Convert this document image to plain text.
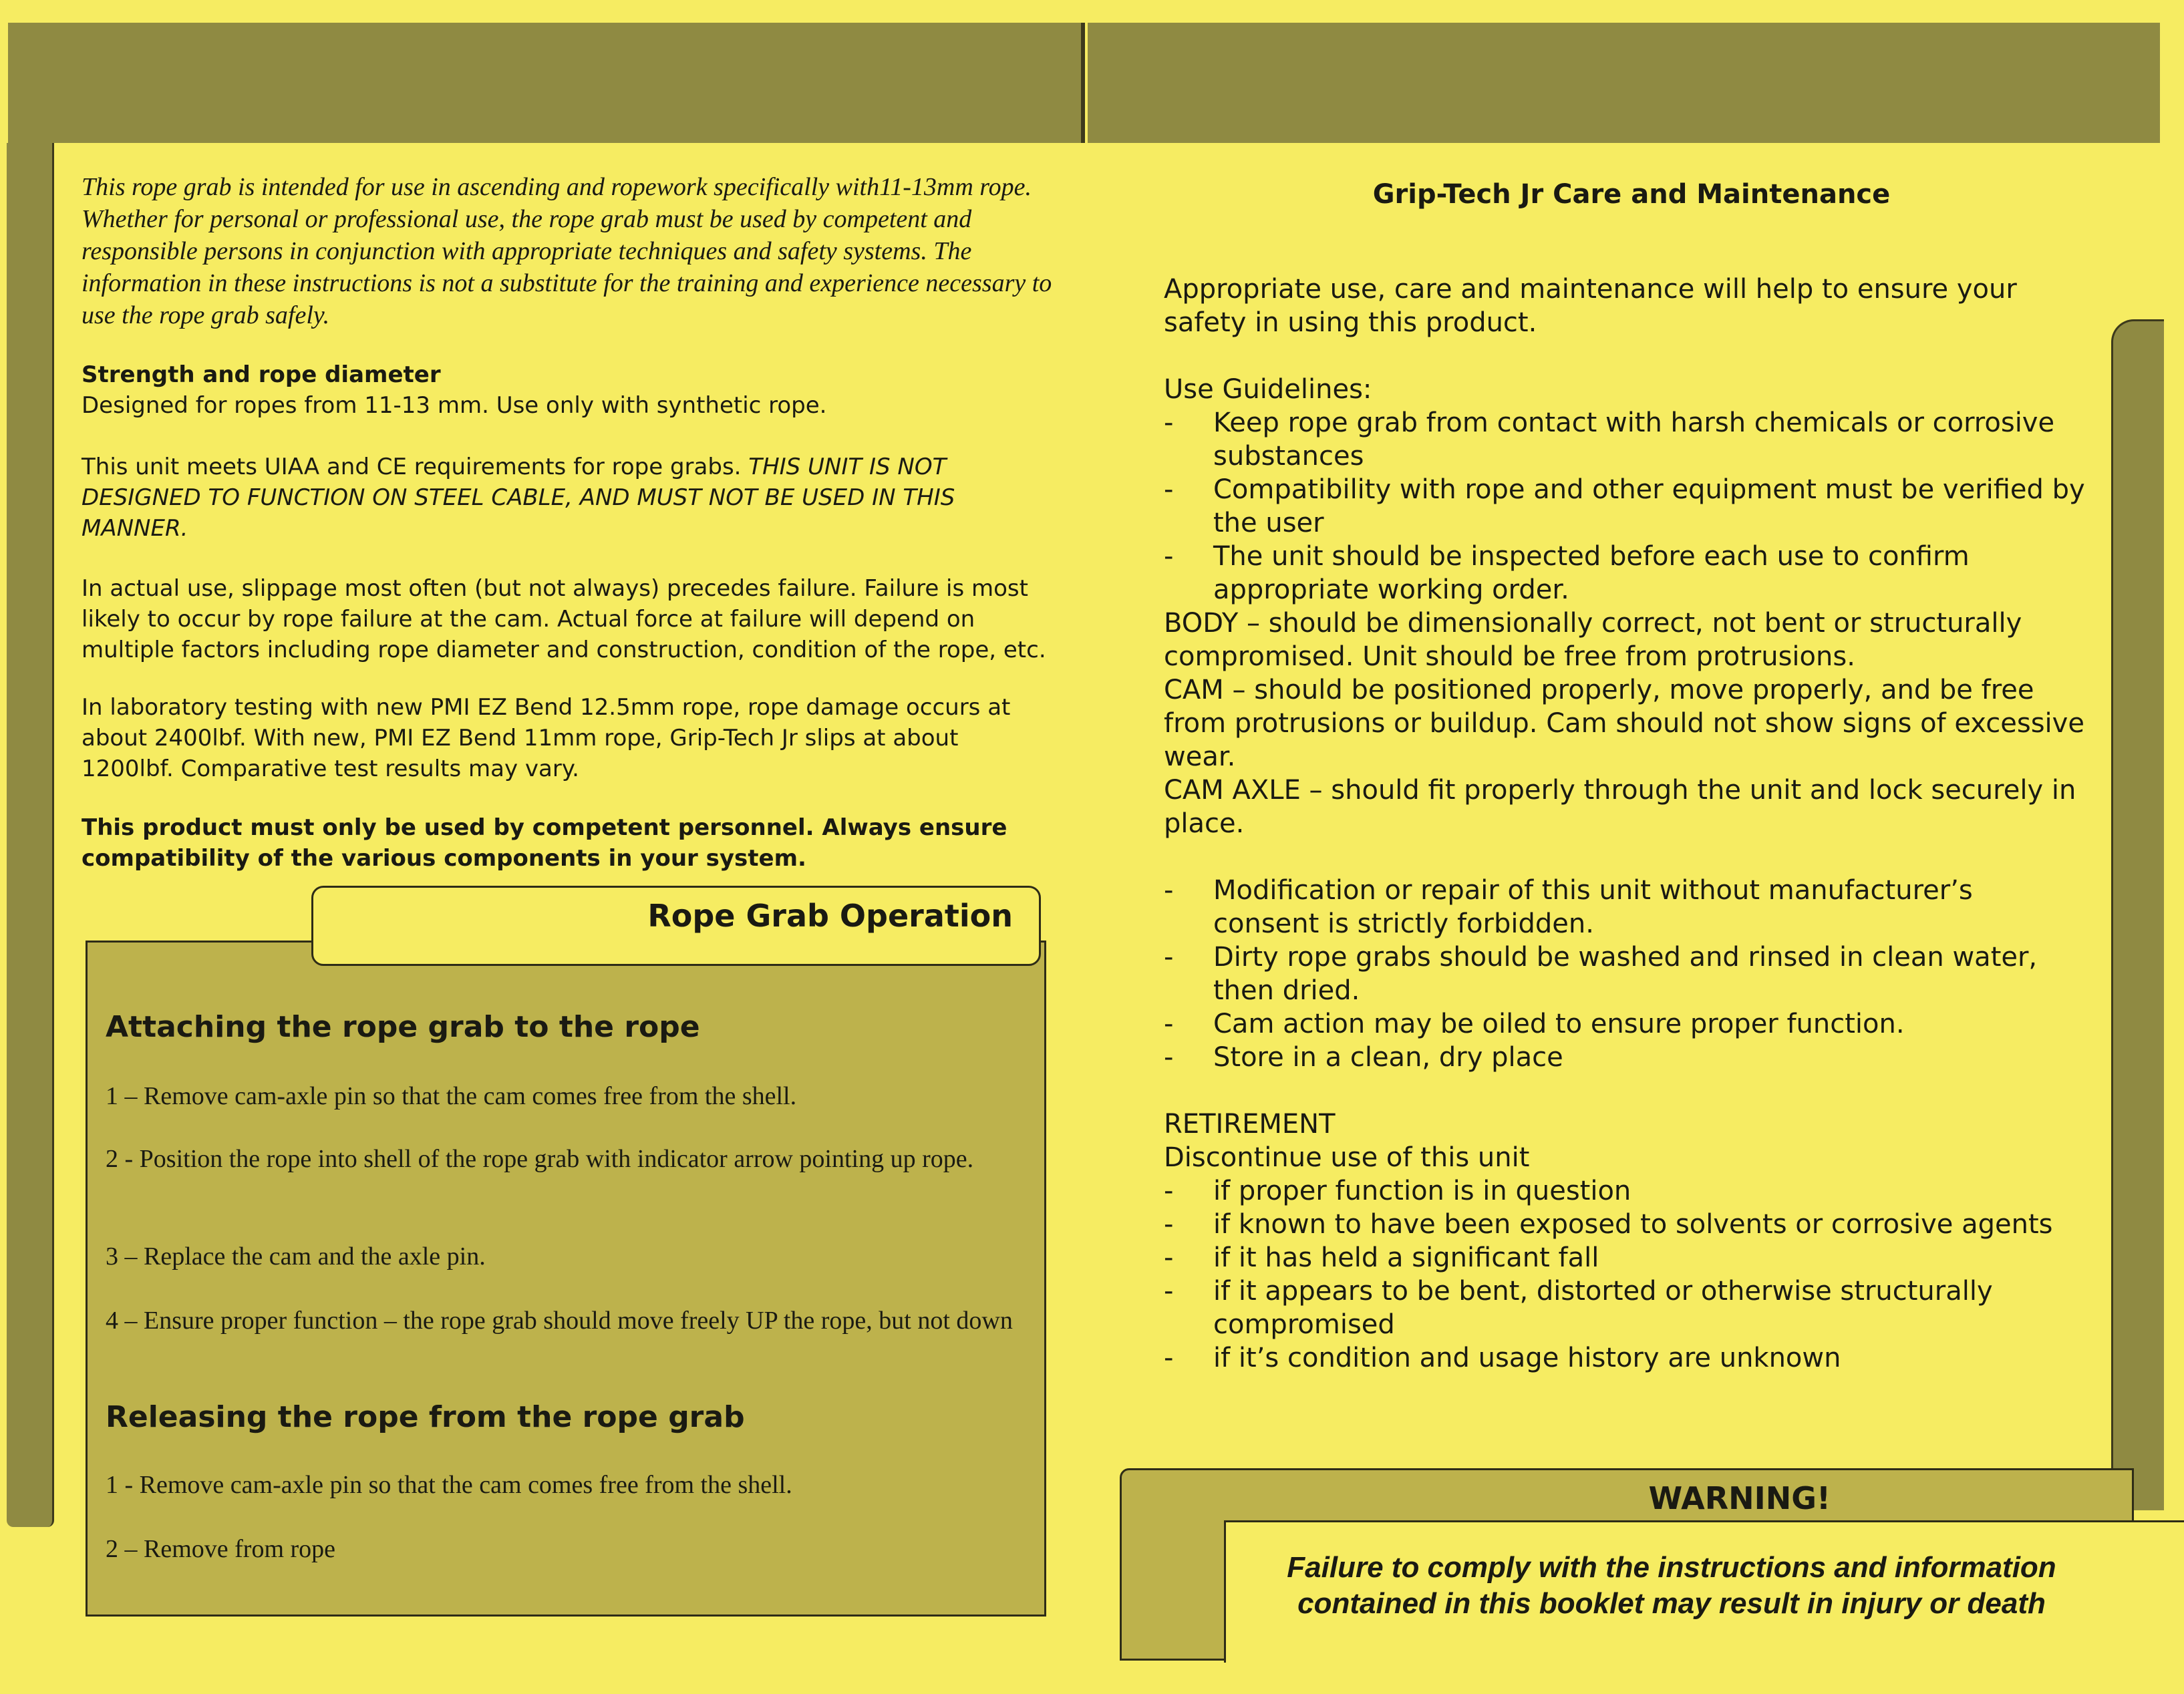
This rope grab is intended for use in ascending and ropework specifically with11-13mm rope. Whether for personal or professional use, the rope grab must be used by competent and responsible persons in conjunction with appropriate techniques and safety systems. The information in these instructions is not a substitute for the training and experience necessary to use the rope grab safely.

Strength and rope diameter

Designed for ropes from 11-13 mm. Use only with synthetic rope.

This unit meets UIAA and CE requirements for rope grabs. THIS UNIT IS NOT DESIGNED TO FUNCTION ON STEEL CABLE, AND MUST NOT BE USED IN THIS MANNER.

In actual use, slippage most often (but not always) precedes failure. Failure is most likely to occur by rope failure at the cam. Actual force at failure will depend on multiple factors including rope diameter and construction, condition of the rope, etc.

In laboratory testing with new PMI EZ Bend 12.5mm rope, rope damage occurs at about 2400lbf. With new, PMI EZ Bend 11mm rope, Grip-Tech Jr slips at about 1200lbf. Comparative test results may vary.

This product must only be used by competent personnel. Always ensure compatibility of the various components in your system.

Rope Grab Operation
Attaching the rope grab to the rope
1 – Remove cam-axle pin so that the cam comes free from the shell.
2 - Position the rope into shell of the rope grab with indicator arrow pointing up rope.
3 – Replace the cam and the axle pin.
4 – Ensure proper function – the rope grab should move freely UP the rope, but not down
Releasing the rope from the rope grab
1 - Remove cam-axle pin so that the cam comes free from the shell.
2 – Remove from rope
Grip-Tech Jr Care and Maintenance

Appropriate use, care and maintenance will help to ensure your safety in using this product.

Use Guidelines:

- Keep rope grab from contact with harsh chemicals or corrosive substances

- Compatibility with rope and other equipment must be verified by the user

- The unit should be inspected before each use to confirm appropriate working order.

BODY – should be dimensionally correct, not bent or structurally compromised. Unit should be free from protrusions.

CAM – should be positioned properly, move properly, and be free from protrusions or buildup. Cam should not show signs of excessive wear.

CAM AXLE – should fit properly through the unit and lock securely in place.

- Modification or repair of this unit without manufacturer’s consent is strictly forbidden.

- Dirty rope grabs should be washed and rinsed in clean water, then dried.

- Cam action may be oiled to ensure proper function.

- Store in a clean, dry place

RETIREMENT

Discontinue use of this unit

- if proper function is in question

- if known to have been exposed to solvents or corrosive agents

- if it has held a significant fall

- if it appears to be bent, distorted or otherwise structurally compromised

- if it’s condition and usage history are unknown

WARNING!
Failure to comply with the instructions and information contained in this booklet may result in injury or death
